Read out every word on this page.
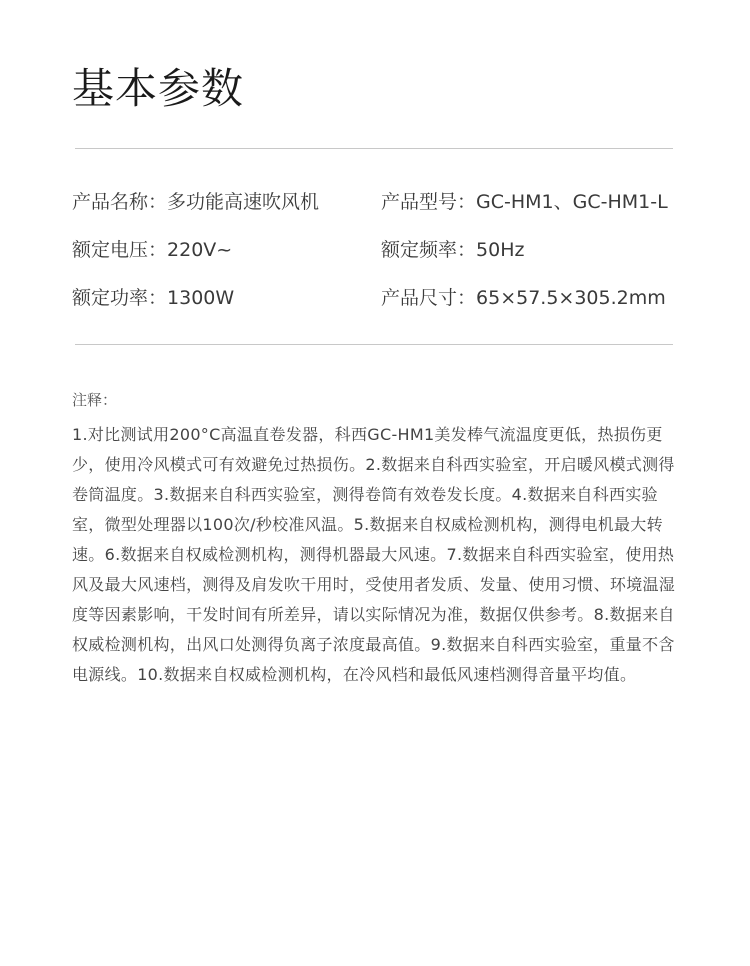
基本参数
产品名称：多功能高速吹风机	产品型号：GC-HM1、GC-HM1-L
额定电压：220V~	额定频率：50Hz
额定功率：1300W	产品尺寸：65×57.5×305.2mm
注释：

1.对比测试用200°C高温直卷发器，科西GC-HM1美发棒气流温度更低，热损伤更少，使用冷风模式可有效避免过热损伤。2.数据来自科西实验室，开启暖风模式测得卷筒温度。3.数据来自科西实验室，测得卷筒有效卷发长度。4.数据来自科西实验室，微型处理器以100次/秒校准风温。5.数据来自权威检测机构，测得电机最大转速。6.数据来自权威检测机构，测得机器最大风速。7.数据来自科西实验室，使用热风及最大风速档，测得及肩发吹干用时，受使用者发质、发量、使用习惯、环境温湿度等因素影响，干发时间有所差异，请以实际情况为准，数据仅供参考。8.数据来自权威检测机构，出风口处测得负离子浓度最高值。9.数据来自科西实验室，重量不含电源线。10.数据来自权威检测机构，在冷风档和最低风速档测得音量平均值。
